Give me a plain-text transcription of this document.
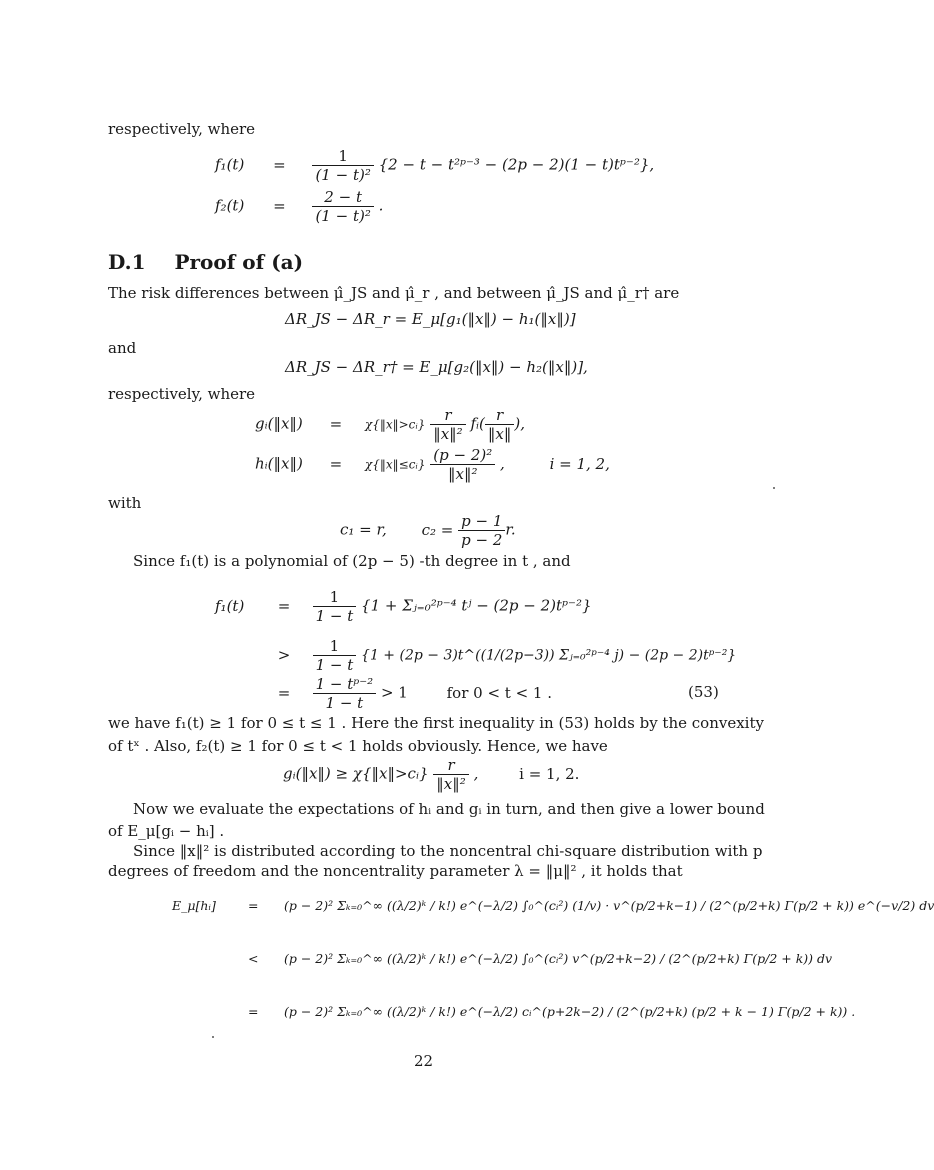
respectively, where
$f_1(t) = \frac{1}{\text{(1 − t)²}} \{2 - t$ − t²ᵖ⁻³ − (2p − 2)(1 − t)tᵖ⁻²},
$f_2(t) = \frac{2 - t}{\text{(1 − t)²}}$ .
D.1 Proof of (a)
The risk differences between μ̂_JS and μ̂_r , and between μ̂_JS and μ̂_r† are
ΔR_JS − ΔR_r = E_μ[g₁(‖x‖) − h₁(‖x‖)]
and
ΔR_JS − ΔR_r† = E_μ[g₂(‖x‖) − h₂(‖x‖)],
respectively, where
gᵢ(‖x‖) = χ{‖x‖>cᵢ} $\frac{r}{\text{‖x‖²}}$ fᵢ( $\frac{r}{‖x‖}$ ),
hᵢ(‖x‖) = χ{‖x‖≤cᵢ} $\frac{\text{(p − 2)²}}{\text{‖x‖²}}$ ,	i = 1, 2,
with
c₁ = r, $c_2 = \frac{p - 1}{p - 2} r$.
Since f₁(t) is a polynomial of (2p − 5) -th degree in t , and
$f_1(t) = \frac{1}{1 - t} \{1$ + Σⱼ₌₀²ᵖ⁻⁴ tʲ − (2p − 2)tᵖ⁻²}
> $\frac{1}{1 - t} \{1 + (2p$ − 3)t^((1/(2p−3)) Σⱼ₌₀²ᵖ⁻⁴ j) − (2p − 2)tᵖ⁻²}
= $\frac{\text{1 − tᵖ⁻²}}{1 - t} > 1$	for 0 < t < 1 .	(53)
we have f₁(t) ≥ 1 for 0 ≤ t ≤ 1 . Here the first inequality in (53) holds by the convexity
of tˣ . Also, f₂(t) ≥ 1 for 0 ≤ t < 1 holds obviously. Hence, we have
gᵢ(‖x‖) ≥ χ{‖x‖>cᵢ} $\frac{r}{\text{‖x‖²}}$ ,	i = 1, 2.
Now we evaluate the expectations of hᵢ and gᵢ in turn, and then give a lower bound
of E_μ[gᵢ − hᵢ] .
Since ‖x‖² is distributed according to the noncentral chi-square distribution with p
degrees of freedom and the noncentrality parameter λ = ‖μ‖² , it holds that
E_μ[hᵢ]	= (p − 2)² Σₖ₌₀^∞ ((λ/2)ᵏ / k!) e^(−λ/2) ∫₀^(cᵢ²) (1/v) · v^(p/2+k−1) / (2^(p/2+k) Γ(p/2 + k)) e^(−v/2) dv
< (p − 2)² Σₖ₌₀^∞ ((λ/2)ᵏ / k!) e^(−λ/2) ∫₀^(cᵢ²) v^(p/2+k−2) / (2^(p/2+k) Γ(p/2 + k)) dv
= (p − 2)² Σₖ₌₀^∞ ((λ/2)ᵏ / k!) e^(−λ/2) cᵢ^(p+2k−2) / (2^(p/2+k) (p/2 + k − 1) Γ(p/2 + k)) .
22
